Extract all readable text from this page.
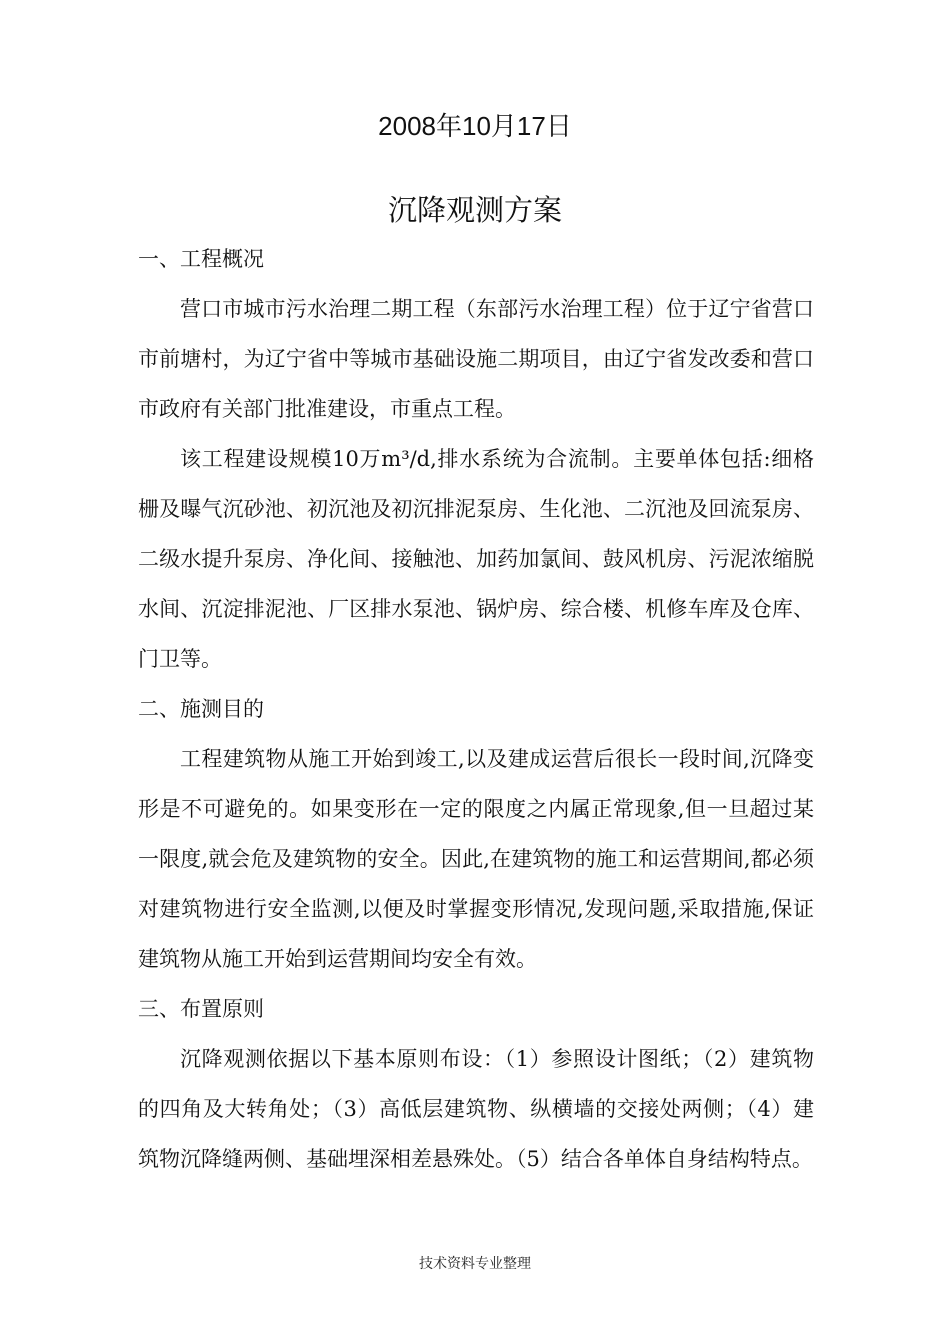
2008年10月17日
沉降观测方案
一、工程概况

营口市城市污水治理二期工程（东部污水治理工程）位于辽宁省营口市前塘村，为辽宁省中等城市基础设施二期项目，由辽宁省发改委和营口市政府有关部门批准建设，市重点工程。

该工程建设规模10万m³/d,排水系统为合流制。主要单体包括:细格栅及曝气沉砂池、初沉池及初沉排泥泵房、生化池、二沉池及回流泵房、二级水提升泵房、净化间、接触池、加药加氯间、鼓风机房、污泥浓缩脱水间、沉淀排泥池、厂区排水泵池、锅炉房、综合楼、机修车库及仓库、门卫等。

二、施测目的

工程建筑物从施工开始到竣工,以及建成运营后很长一段时间,沉降变形是不可避免的。如果变形在一定的限度之内属正常现象,但一旦超过某一限度,就会危及建筑物的安全。因此,在建筑物的施工和运营期间,都必须对建筑物进行安全监测,以便及时掌握变形情况,发现问题,采取措施,保证建筑物从施工开始到运营期间均安全有效。

三、布置原则

沉降观测依据以下基本原则布设：（1）参照设计图纸；（2）建筑物的四角及大转角处；（3）高低层建筑物、纵横墙的交接处两侧；（4）建筑物沉降缝两侧、基础埋深相差悬殊处。（5）结合各单体自身结构特点。

技术资料专业整理
